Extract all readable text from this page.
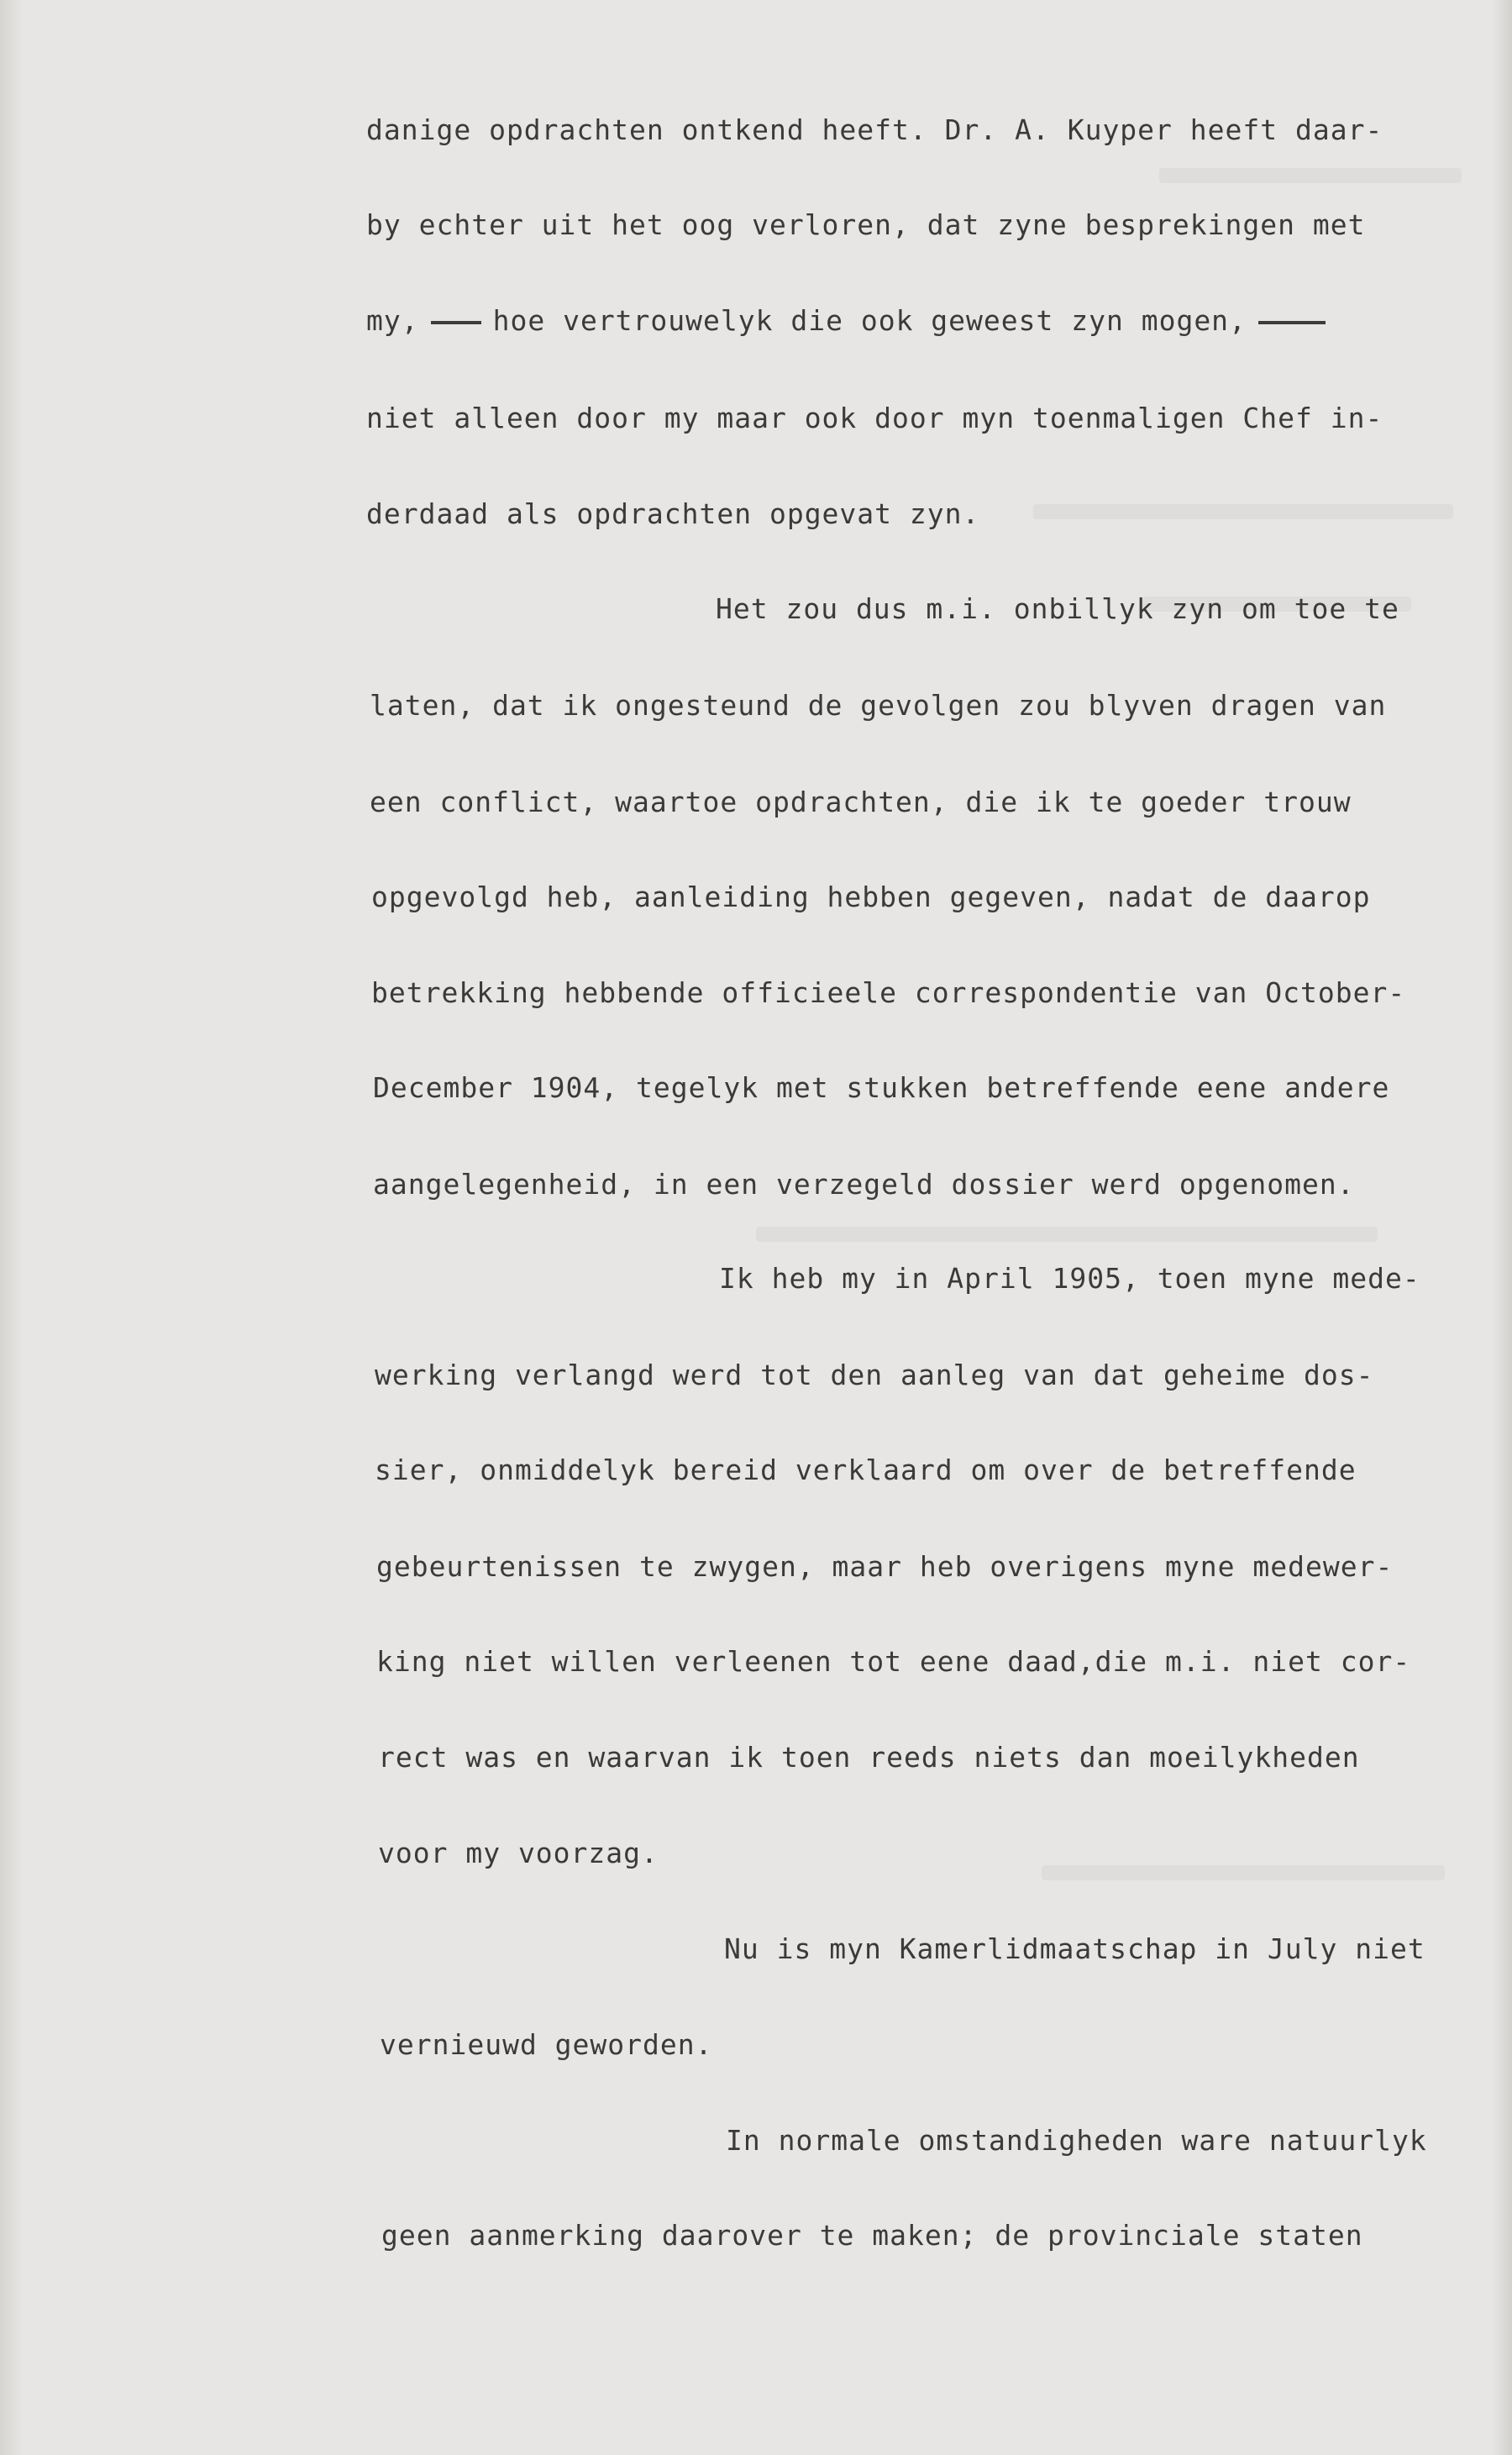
danige opdrachten ontkend heeft. Dr. A. Kuyper heeft daar-
by echter uit het oog verloren, dat zyne besprekingen met
my,	hoe vertrouwelyk die ook geweest zyn mogen,
niet alleen door my maar ook door myn toenmaligen Chef in-
derdaad als opdrachten opgevat zyn.
Het zou dus m.i. onbillyk zyn om toe te
laten, dat ik ongesteund de gevolgen zou blyven dragen van
een conflict, waartoe opdrachten, die ik te goeder trouw
opgevolgd heb, aanleiding hebben gegeven, nadat de daarop
betrekking hebbende officieele correspondentie van October-
December 1904, tegelyk met stukken betreffende eene andere
aangelegenheid, in een verzegeld dossier werd opgenomen.
Ik heb my in April 1905, toen myne mede-
werking verlangd werd tot den aanleg van dat geheime dos-
sier, onmiddelyk bereid verklaard om over de betreffende
gebeurtenissen te zwygen, maar heb overigens myne medewer-
king niet willen verleenen tot eene daad,die m.i. niet cor-
rect was en waarvan ik toen reeds niets dan moeilykheden
voor my voorzag.
Nu is myn Kamerlidmaatschap in July niet
vernieuwd geworden.
In normale omstandigheden ware natuurlyk
geen aanmerking daarover te maken; de provinciale staten
